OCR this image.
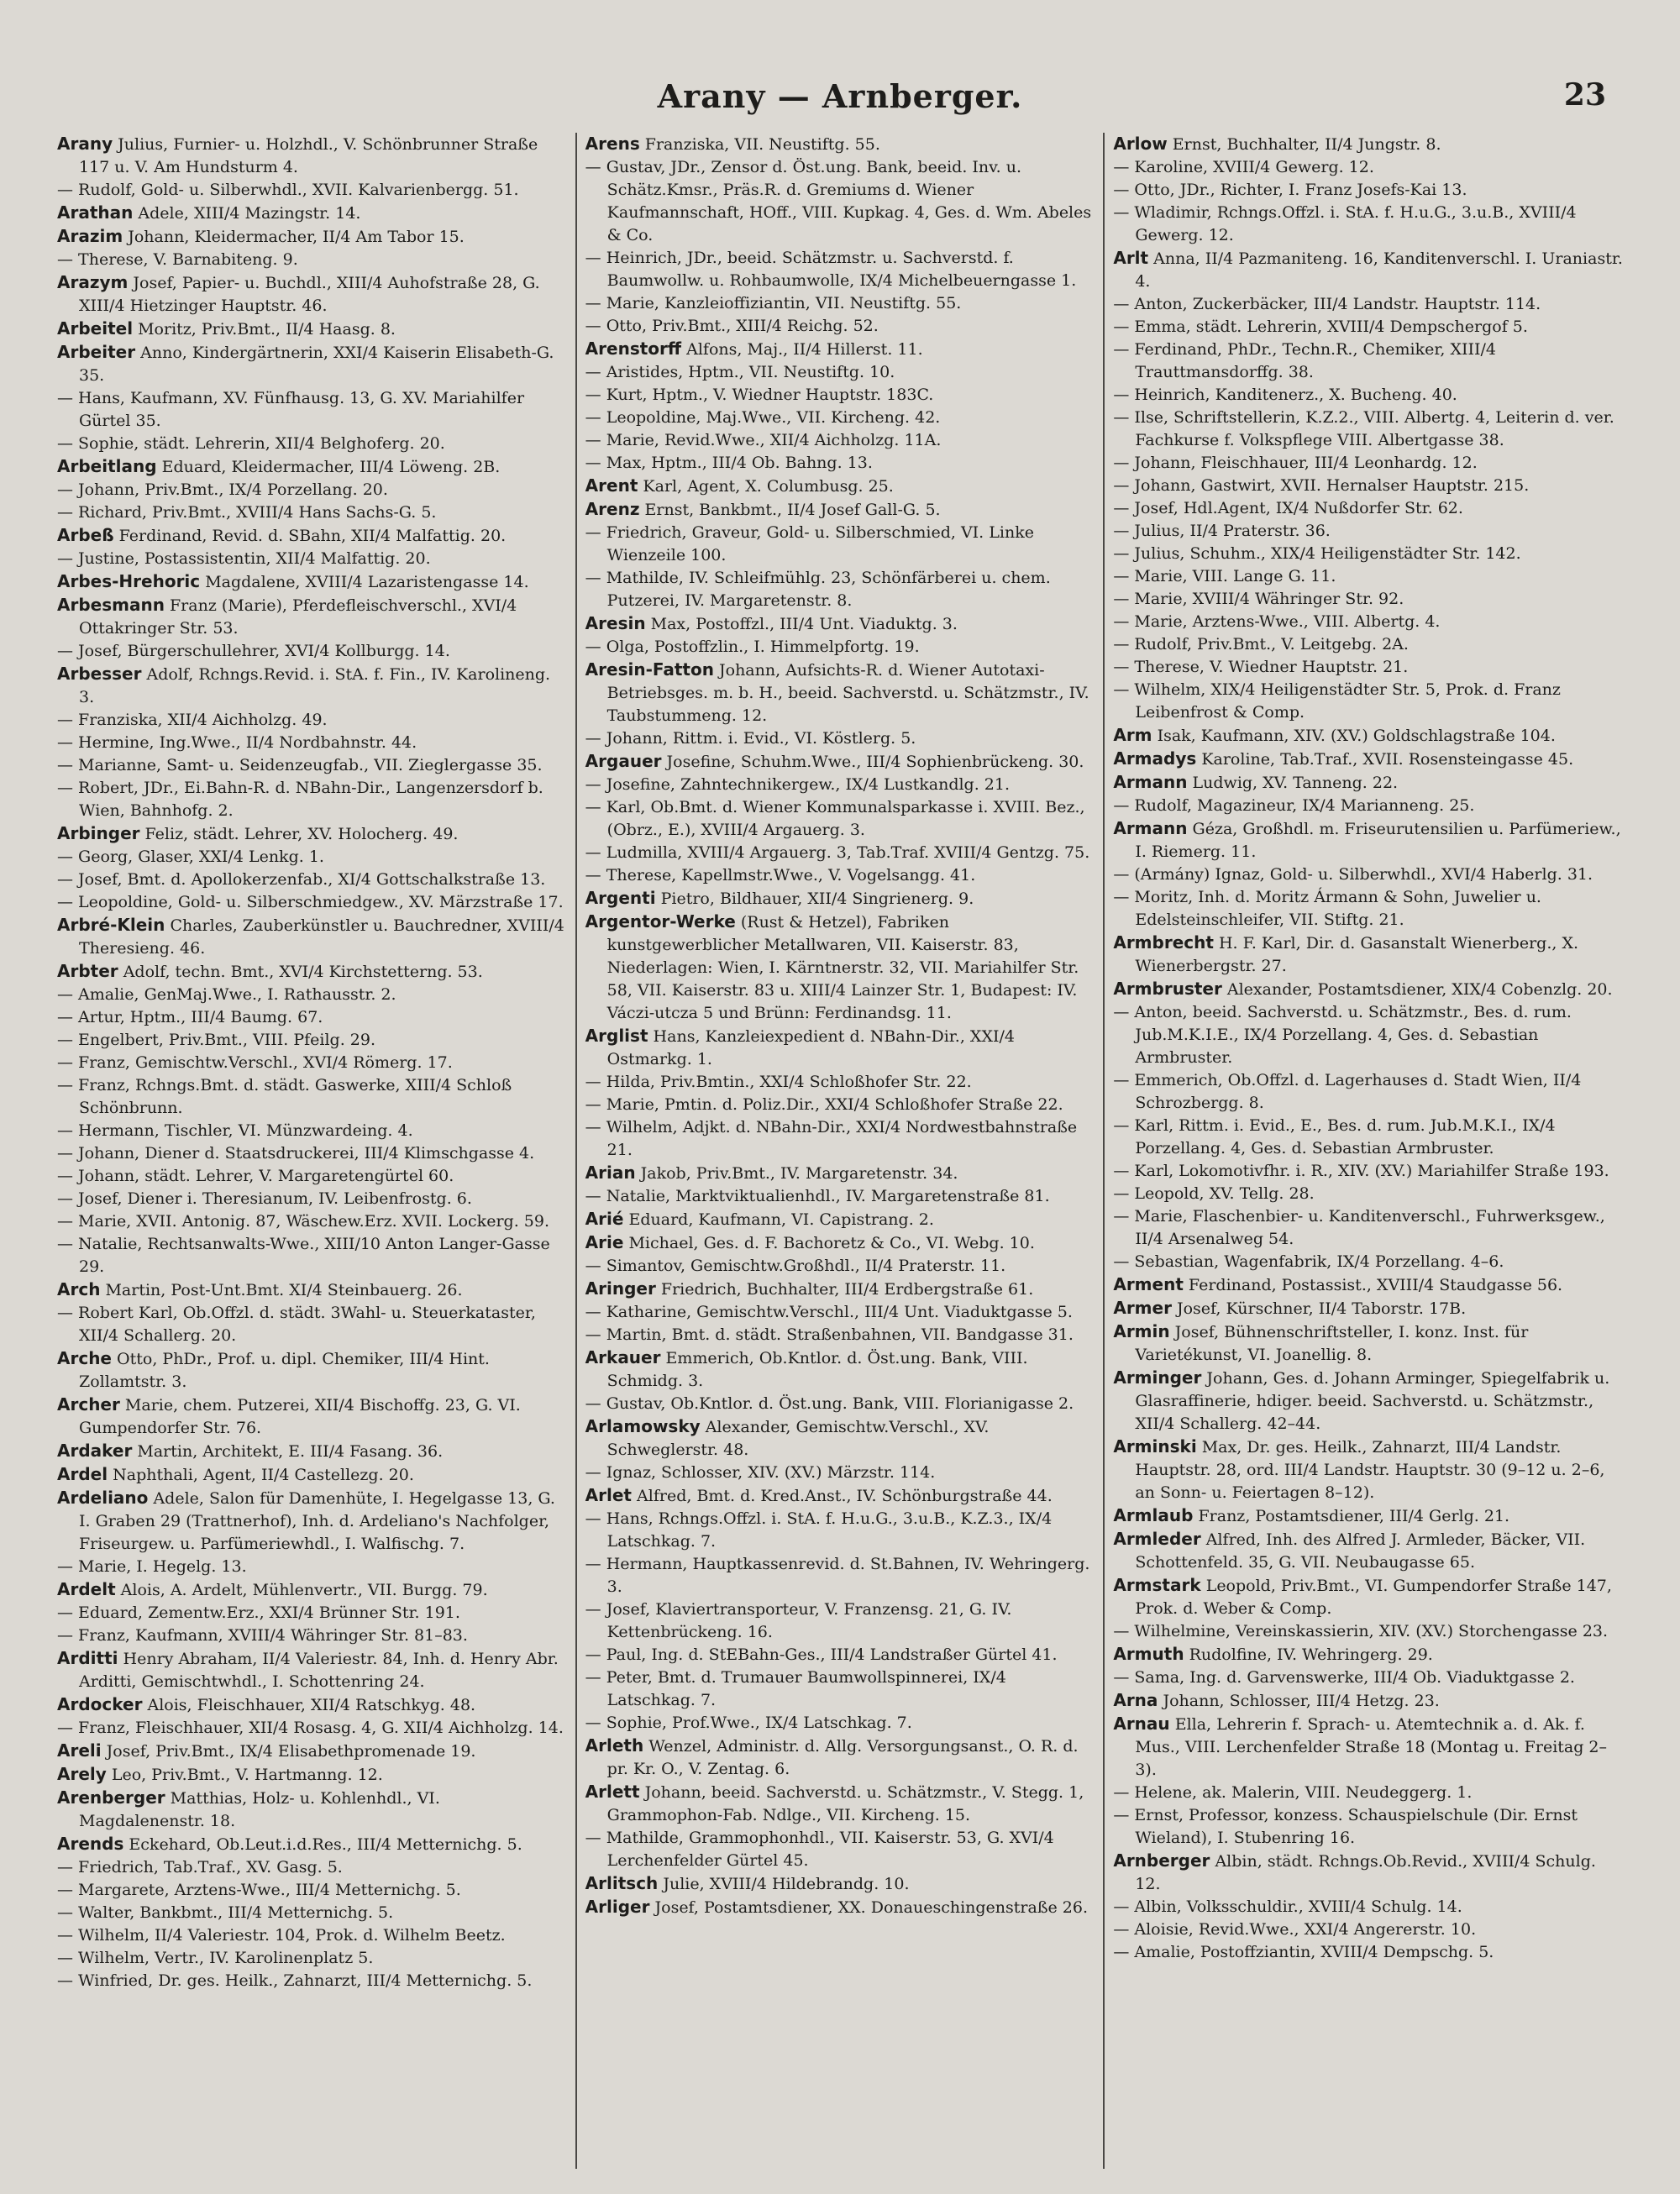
Arany — Arnberger.	23
Arany Julius, Furnier- u. Holzhdl., V. Schönbrunner Straße 117 u. V. Am Hundsturm 4.
— Rudolf, Gold- u. Silberwhdl., XVII. Kalvarienbergg. 51.
Arathan Adele, XIII/4 Mazingstr. 14.
Arazim Johann, Kleidermacher, II/4 Am Tabor 15.
— Therese, V. Barnabiteng. 9.
Arazym Josef, Papier- u. Buchdl., XIII/4 Auhofstraße 28, G. XIII/4 Hietzinger Hauptstr. 46.
Arbeitel Moritz, Priv.Bmt., II/4 Haasg. 8.
Arbeiter Anno, Kindergärtnerin, XXI/4 Kaiserin Elisabeth-G. 35.
— Hans, Kaufmann, XV. Fünfhausg. 13, G. XV. Mariahilfer Gürtel 35.
— Sophie, städt. Lehrerin, XII/4 Belghoferg. 20.
Arbeitlang Eduard, Kleidermacher, III/4 Löweng. 2B.
— Johann, Priv.Bmt., IX/4 Porzellang. 20.
— Richard, Priv.Bmt., XVIII/4 Hans Sachs-G. 5.
Arbeß Ferdinand, Revid. d. SBahn, XII/4 Malfattig. 20.
— Justine, Postassistentin, XII/4 Malfattig. 20.
Arbes-Hrehoric Magdalene, XVIII/4 Lazaristengasse 14.
Arbesmann Franz (Marie), Pferdefleischverschl., XVI/4 Ottakringer Str. 53.
— Josef, Bürgerschullehrer, XVI/4 Kollburgg. 14.
Arbesser Adolf, Rchngs.Revid. i. StA. f. Fin., IV. Karolineng. 3.
— Franziska, XII/4 Aichholzg. 49.
— Hermine, Ing.Wwe., II/4 Nordbahnstr. 44.
— Marianne, Samt- u. Seidenzeugfab., VII. Zieglergasse 35.
— Robert, JDr., Ei.Bahn-R. d. NBahn-Dir., Langenzersdorf b. Wien, Bahnhofg. 2.
Arbinger Feliz, städt. Lehrer, XV. Holocherg. 49.
— Georg, Glaser, XXI/4 Lenkg. 1.
— Josef, Bmt. d. Apollokerzenfab., XI/4 Gottschalkstraße 13.
— Leopoldine, Gold- u. Silberschmiedgew., XV. Märzstraße 17.
Arbré-Klein Charles, Zauberkünstler u. Bauchredner, XVIII/4 Theresieng. 46.
Arbter Adolf, techn. Bmt., XVI/4 Kirchstetterng. 53.
— Amalie, GenMaj.Wwe., I. Rathausstr. 2.
— Artur, Hptm., III/4 Baumg. 67.
— Engelbert, Priv.Bmt., VIII. Pfeilg. 29.
— Franz, Gemischtw.Verschl., XVI/4 Römerg. 17.
— Franz, Rchngs.Bmt. d. städt. Gaswerke, XIII/4 Schloß Schönbrunn.
— Hermann, Tischler, VI. Münzwardeing. 4.
— Johann, Diener d. Staatsdruckerei, III/4 Klimschgasse 4.
— Johann, städt. Lehrer, V. Margaretengürtel 60.
— Josef, Diener i. Theresianum, IV. Leibenfrostg. 6.
— Marie, XVII. Antonig. 87, Wäschew.Erz. XVII. Lockerg. 59.
— Natalie, Rechtsanwalts-Wwe., XIII/10 Anton Langer-Gasse 29.
Arch Martin, Post-Unt.Bmt. XI/4 Steinbauerg. 26.
— Robert Karl, Ob.Offzl. d. städt. 3Wahl- u. Steuerkataster, XII/4 Schallerg. 20.
Arche Otto, PhDr., Prof. u. dipl. Chemiker, III/4 Hint. Zollamtstr. 3.
Archer Marie, chem. Putzerei, XII/4 Bischoffg. 23, G. VI. Gumpendorfer Str. 76.
Ardaker Martin, Architekt, E. III/4 Fasang. 36.
Ardel Naphthali, Agent, II/4 Castellezg. 20.
Ardeliano Adele, Salon für Damenhüte, I. Hegelgasse 13, G. I. Graben 29 (Trattnerhof), Inh. d. Ardeliano's Nachfolger, Friseurgew. u. Parfümeriewhdl., I. Walfischg. 7.
— Marie, I. Hegelg. 13.
Ardelt Alois, A. Ardelt, Mühlenvertr., VII. Burgg. 79.
— Eduard, Zementw.Erz., XXI/4 Brünner Str. 191.
— Franz, Kaufmann, XVIII/4 Währinger Str. 81–83.
Arditti Henry Abraham, II/4 Valeriestr. 84, Inh. d. Henry Abr. Arditti, Gemischtwhdl., I. Schottenring 24.
Ardocker Alois, Fleischhauer, XII/4 Ratschkyg. 48.
— Franz, Fleischhauer, XII/4 Rosasg. 4, G. XII/4 Aichholzg. 14.
Areli Josef, Priv.Bmt., IX/4 Elisabethpromenade 19.
Arely Leo, Priv.Bmt., V. Hartmanng. 12.
Arenberger Matthias, Holz- u. Kohlenhdl., VI. Magdalenenstr. 18.
Arends Eckehard, Ob.Leut.i.d.Res., III/4 Metternichg. 5.
— Friedrich, Tab.Traf., XV. Gasg. 5.
— Margarete, Arztens-Wwe., III/4 Metternichg. 5.
— Walter, Bankbmt., III/4 Metternichg. 5.
— Wilhelm, II/4 Valeriestr. 104, Prok. d. Wilhelm Beetz.
— Wilhelm, Vertr., IV. Karolinenplatz 5.
— Winfried, Dr. ges. Heilk., Zahnarzt, III/4 Metternichg. 5.
Arens Franziska, VII. Neustiftg. 55.
— Gustav, JDr., Zensor d. Öst.ung. Bank, beeid. Inv. u. Schätz.Kmsr., Präs.R. d. Gremiums d. Wiener Kaufmannschaft, HOff., VIII. Kupkag. 4, Ges. d. Wm. Abeles & Co.
— Heinrich, JDr., beeid. Schätzmstr. u. Sachverstd. f. Baumwollw. u. Rohbaumwolle, IX/4 Michelbeuerngasse 1.
— Marie, Kanzleioffiziantin, VII. Neustiftg. 55.
— Otto, Priv.Bmt., XIII/4 Reichg. 52.
Arenstorff Alfons, Maj., II/4 Hillerst. 11.
— Aristides, Hptm., VII. Neustiftg. 10.
— Kurt, Hptm., V. Wiedner Hauptstr. 183C.
— Leopoldine, Maj.Wwe., VII. Kircheng. 42.
— Marie, Revid.Wwe., XII/4 Aichholzg. 11A.
— Max, Hptm., III/4 Ob. Bahng. 13.
Arent Karl, Agent, X. Columbusg. 25.
Arenz Ernst, Bankbmt., II/4 Josef Gall-G. 5.
— Friedrich, Graveur, Gold- u. Silberschmied, VI. Linke Wienzeile 100.
— Mathilde, IV. Schleifmühlg. 23, Schönfärberei u. chem. Putzerei, IV. Margaretenstr. 8.
Aresin Max, Postoffzl., III/4 Unt. Viaduktg. 3.
— Olga, Postoffzlin., I. Himmelpfortg. 19.
Aresin-Fatton Johann, Aufsichts-R. d. Wiener Autotaxi-Betriebsges. m. b. H., beeid. Sachverstd. u. Schätzmstr., IV. Taubstummeng. 12.
— Johann, Rittm. i. Evid., VI. Köstlerg. 5.
Argauer Josefine, Schuhm.Wwe., III/4 Sophienbrückeng. 30.
— Josefine, Zahntechnikergew., IX/4 Lustkandlg. 21.
— Karl, Ob.Bmt. d. Wiener Kommunalsparkasse i. XVIII. Bez., (Obrz., E.), XVIII/4 Argauerg. 3.
— Ludmilla, XVIII/4 Argauerg. 3, Tab.Traf. XVIII/4 Gentzg. 75.
— Therese, Kapellmstr.Wwe., V. Vogelsangg. 41.
Argenti Pietro, Bildhauer, XII/4 Singrienerg. 9.
Argentor-Werke (Rust & Hetzel), Fabriken kunstgewerblicher Metallwaren, VII. Kaiserstr. 83, Niederlagen: Wien, I. Kärntnerstr. 32, VII. Mariahilfer Str. 58, VII. Kaiserstr. 83 u. XIII/4 Lainzer Str. 1, Budapest: IV. Váczi-utcza 5 und Brünn: Ferdinandsg. 11.
Arglist Hans, Kanzleiexpedient d. NBahn-Dir., XXI/4 Ostmarkg. 1.
— Hilda, Priv.Bmtin., XXI/4 Schloßhofer Str. 22.
— Marie, Pmtin. d. Poliz.Dir., XXI/4 Schloßhofer Straße 22.
— Wilhelm, Adjkt. d. NBahn-Dir., XXI/4 Nordwestbahnstraße 21.
Arian Jakob, Priv.Bmt., IV. Margaretenstr. 34.
— Natalie, Marktviktualienhdl., IV. Margaretenstraße 81.
Arié Eduard, Kaufmann, VI. Capistrang. 2.
Arie Michael, Ges. d. F. Bachoretz & Co., VI. Webg. 10.
— Simantov, Gemischtw.Großhdl., II/4 Praterstr. 11.
Aringer Friedrich, Buchhalter, III/4 Erdbergstraße 61.
— Katharine, Gemischtw.Verschl., III/4 Unt. Viaduktgasse 5.
— Martin, Bmt. d. städt. Straßenbahnen, VII. Bandgasse 31.
Arkauer Emmerich, Ob.Kntlor. d. Öst.ung. Bank, VIII. Schmidg. 3.
— Gustav, Ob.Kntlor. d. Öst.ung. Bank, VIII. Florianigasse 2.
Arlamowsky Alexander, Gemischtw.Verschl., XV. Schweglerstr. 48.
— Ignaz, Schlosser, XIV. (XV.) Märzstr. 114.
Arlet Alfred, Bmt. d. Kred.Anst., IV. Schönburgstraße 44.
— Hans, Rchngs.Offzl. i. StA. f. H.u.G., 3.u.B., K.Z.3., IX/4 Latschkag. 7.
— Hermann, Hauptkassenrevid. d. St.Bahnen, IV. Wehringerg. 3.
— Josef, Klaviertransporteur, V. Franzensg. 21, G. IV. Kettenbrückeng. 16.
— Paul, Ing. d. StEBahn-Ges., III/4 Landstraßer Gürtel 41.
— Peter, Bmt. d. Trumauer Baumwollspinnerei, IX/4 Latschkag. 7.
— Sophie, Prof.Wwe., IX/4 Latschkag. 7.
Arleth Wenzel, Administr. d. Allg. Versorgungsanst., O. R. d. pr. Kr. O., V. Zentag. 6.
Arlett Johann, beeid. Sachverstd. u. Schätzmstr., V. Stegg. 1, Grammophon-Fab. Ndlge., VII. Kircheng. 15.
— Mathilde, Grammophonhdl., VII. Kaiserstr. 53, G. XVI/4 Lerchenfelder Gürtel 45.
Arlitsch Julie, XVIII/4 Hildebrandg. 10.
Arliger Josef, Postamtsdiener, XX. Donaueschingenstraße 26.
Arlow Ernst, Buchhalter, II/4 Jungstr. 8.
— Karoline, XVIII/4 Gewerg. 12.
— Otto, JDr., Richter, I. Franz Josefs-Kai 13.
— Wladimir, Rchngs.Offzl. i. StA. f. H.u.G., 3.u.B., XVIII/4 Gewerg. 12.
Arlt Anna, II/4 Pazmaniteng. 16, Kanditenverschl. I. Uraniastr. 4.
— Anton, Zuckerbäcker, III/4 Landstr. Hauptstr. 114.
— Emma, städt. Lehrerin, XVIII/4 Dempschergof 5.
— Ferdinand, PhDr., Techn.R., Chemiker, XIII/4 Trauttmansdorffg. 38.
— Heinrich, Kanditenerz., X. Bucheng. 40.
— Ilse, Schriftstellerin, K.Z.2., VIII. Albertg. 4, Leiterin d. ver. Fachkurse f. Volkspflege VIII. Albertgasse 38.
— Johann, Fleischhauer, III/4 Leonhardg. 12.
— Johann, Gastwirt, XVII. Hernalser Hauptstr. 215.
— Josef, Hdl.Agent, IX/4 Nußdorfer Str. 62.
— Julius, II/4 Praterstr. 36.
— Julius, Schuhm., XIX/4 Heiligenstädter Str. 142.
— Marie, VIII. Lange G. 11.
— Marie, XVIII/4 Währinger Str. 92.
— Marie, Arztens-Wwe., VIII. Albertg. 4.
— Rudolf, Priv.Bmt., V. Leitgebg. 2A.
— Therese, V. Wiedner Hauptstr. 21.
— Wilhelm, XIX/4 Heiligenstädter Str. 5, Prok. d. Franz Leibenfrost & Comp.
Arm Isak, Kaufmann, XIV. (XV.) Goldschlagstraße 104.
Armadys Karoline, Tab.Traf., XVII. Rosensteingasse 45.
Armann Ludwig, XV. Tanneng. 22.
— Rudolf, Magazineur, IX/4 Marianneng. 25.
Armann Géza, Großhdl. m. Friseurutensilien u. Parfümeriew., I. Riemerg. 11.
— (Armány) Ignaz, Gold- u. Silberwhdl., XVI/4 Haberlg. 31.
— Moritz, Inh. d. Moritz Ármann & Sohn, Juwelier u. Edelsteinschleifer, VII. Stiftg. 21.
Armbrecht H. F. Karl, Dir. d. Gasanstalt Wienerberg., X. Wienerbergstr. 27.
Armbruster Alexander, Postamtsdiener, XIX/4 Cobenzlg. 20.
— Anton, beeid. Sachverstd. u. Schätzmstr., Bes. d. rum. Jub.M.K.I.E., IX/4 Porzellang. 4, Ges. d. Sebastian Armbruster.
— Emmerich, Ob.Offzl. d. Lagerhauses d. Stadt Wien, II/4 Schrozbergg. 8.
— Karl, Rittm. i. Evid., E., Bes. d. rum. Jub.M.K.I., IX/4 Porzellang. 4, Ges. d. Sebastian Armbruster.
— Karl, Lokomotivfhr. i. R., XIV. (XV.) Mariahilfer Straße 193.
— Leopold, XV. Tellg. 28.
— Marie, Flaschenbier- u. Kanditenverschl., Fuhrwerksgew., II/4 Arsenalweg 54.
— Sebastian, Wagenfabrik, IX/4 Porzellang. 4–6.
Arment Ferdinand, Postassist., XVIII/4 Staudgasse 56.
Armer Josef, Kürschner, II/4 Taborstr. 17B.
Armin Josef, Bühnenschriftsteller, I. konz. Inst. für Varietékunst, VI. Joanellig. 8.
Arminger Johann, Ges. d. Johann Arminger, Spiegelfabrik u. Glasraffinerie, hdiger. beeid. Sachverstd. u. Schätzmstr., XII/4 Schallerg. 42–44.
Arminski Max, Dr. ges. Heilk., Zahnarzt, III/4 Landstr. Hauptstr. 28, ord. III/4 Landstr. Hauptstr. 30 (9–12 u. 2–6, an Sonn- u. Feiertagen 8–12).
Armlaub Franz, Postamtsdiener, III/4 Gerlg. 21.
Armleder Alfred, Inh. des Alfred J. Armleder, Bäcker, VII. Schottenfeld. 35, G. VII. Neubaugasse 65.
Armstark Leopold, Priv.Bmt., VI. Gumpendorfer Straße 147, Prok. d. Weber & Comp.
— Wilhelmine, Vereinskassierin, XIV. (XV.) Storchengasse 23.
Armuth Rudolfine, IV. Wehringerg. 29.
— Sama, Ing. d. Garvenswerke, III/4 Ob. Viaduktgasse 2.
Arna Johann, Schlosser, III/4 Hetzg. 23.
Arnau Ella, Lehrerin f. Sprach- u. Atemtechnik a. d. Ak. f. Mus., VIII. Lerchenfelder Straße 18 (Montag u. Freitag 2–3).
— Helene, ak. Malerin, VIII. Neudeggerg. 1.
— Ernst, Professor, konzess. Schauspielschule (Dir. Ernst Wieland), I. Stubenring 16.
Arnberger Albin, städt. Rchngs.Ob.Revid., XVIII/4 Schulg. 12.
— Albin, Volksschuldir., XVIII/4 Schulg. 14.
— Aloisie, Revid.Wwe., XXI/4 Angererstr. 10.
— Amalie, Postoffziantin, XVIII/4 Dempschg. 5.
